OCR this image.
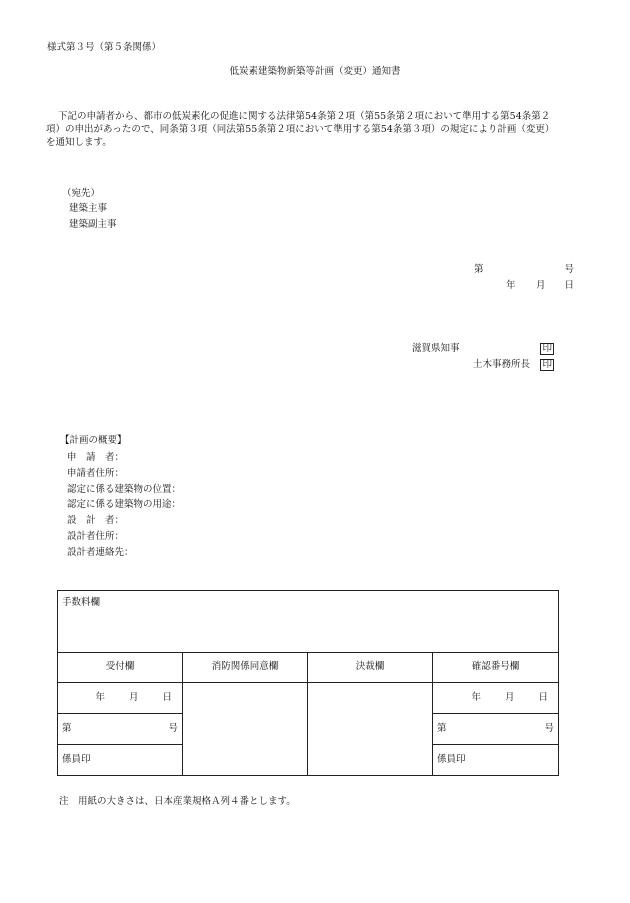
様式第３号（第５条関係）
低炭素建築物新築等計画（変更）通知書
下記の申請者から、都市の低炭素化の促進に関する法律第54条第２項（第55条第２項において準用する第54条第２
項）の申出があったので、同条第３項（同法第55条第２項において準用する第54条第３項）の規定により計画（変更）
を通知します。
（宛先）
建築主事
建築副主事
第	号
年 月 日
滋賀県知事	印
土木事務所長 印
【計画の概要】
申　請　者：
申請者住所：
認定に係る建築物の位置：
認定に係る建築物の用途：
設　計　者：
設計者住所：
設計者連絡先：
手数料欄			
受付欄	消防関係同意欄	決裁欄	確認番号欄

年 月 日			年 月 日

第 号			第 号

係員印			係員印
注　用紙の大きさは、日本産業規格Ａ列４番とします。
